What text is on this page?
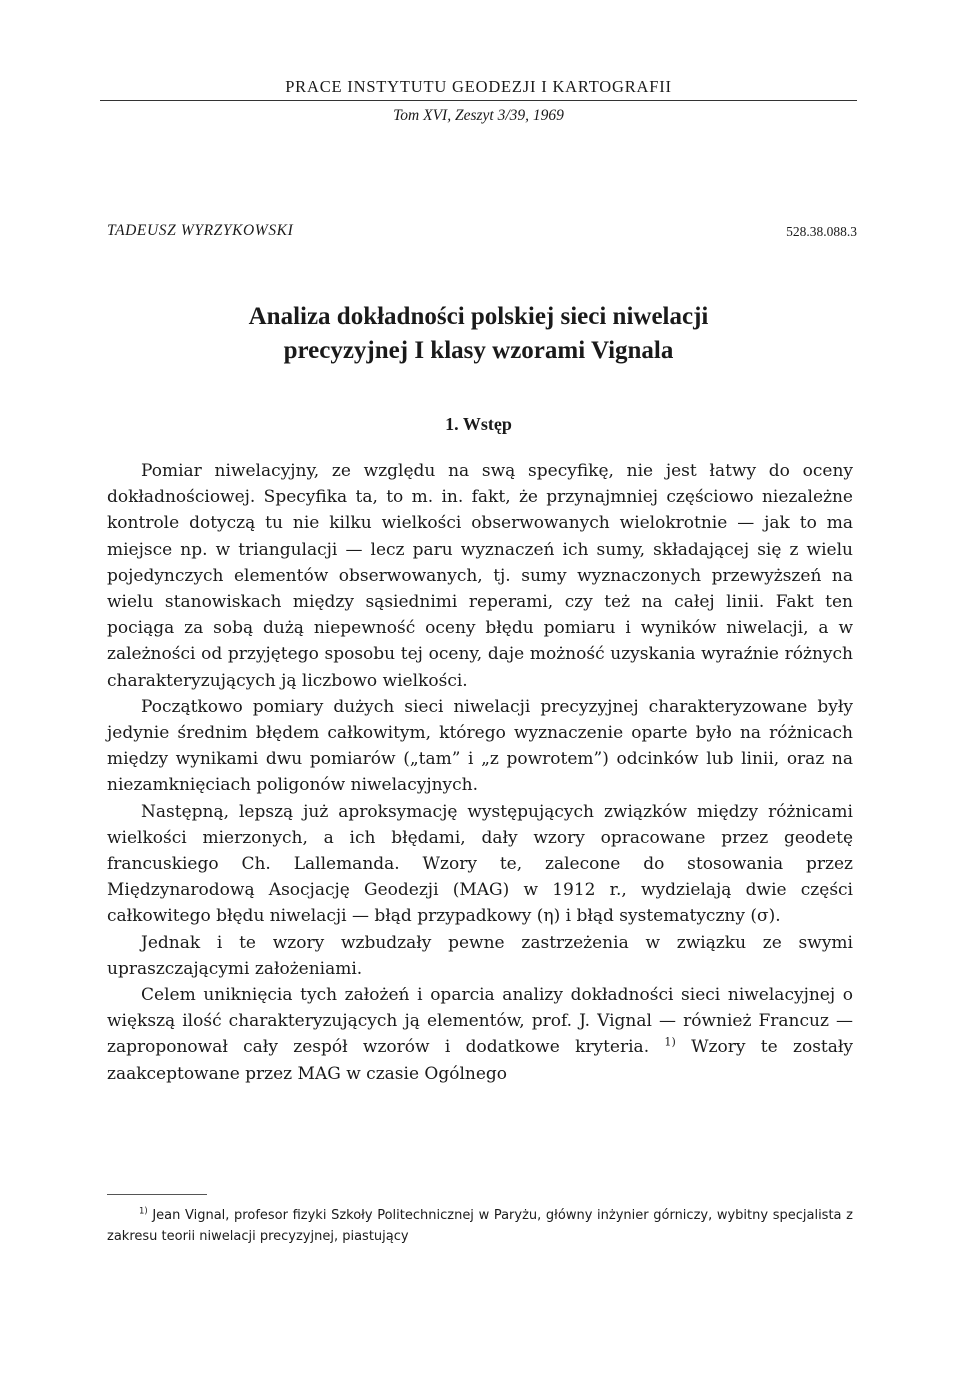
PRACE INSTYTUTU GEODEZJI I KARTOGRAFII
Tom XVI, Zeszyt 3/39, 1969
TADEUSZ WYRZYKOWSKI	528.38.088.3
Analiza dokładności polskiej sieci niwelacji
precyzyjnej I klasy wzorami Vignala
1. Wstęp

Pomiar niwelacyjny, ze względu na swą specyfikę, nie jest łatwy do oceny dokładnościowej. Specyfika ta, to m. in. fakt, że przynajmniej częściowo niezależne kontrole dotyczą tu nie kilku wielkości obserwowanych wielokrotnie — jak to ma miejsce np. w triangulacji — lecz paru wyznaczeń ich sumy, składającej się z wielu pojedynczych elementów obserwowanych, tj. sumy wyznaczonych przewyższeń na wielu stanowiskach między sąsiednimi reperami, czy też na całej linii. Fakt ten pociąga za sobą dużą niepewność oceny błędu pomiaru i wyników niwelacji, a w zależności od przyjętego sposobu tej oceny, daje możność uzyskania wyraźnie różnych charakteryzujących ją liczbowo wielkości.

Początkowo pomiary dużych sieci niwelacji precyzyjnej charakteryzowane były jedynie średnim błędem całkowitym, którego wyznaczenie oparte było na różnicach między wynikami dwu pomiarów („tam” i „z powrotem”) odcinków lub linii, oraz na niezamknięciach poligonów niwelacyjnych.

Następną, lepszą już aproksymację występujących związków między różnicami wielkości mierzonych, a ich błędami, dały wzory opracowane przez geodetę francuskiego Ch. Lallemanda. Wzory te, zalecone do stosowania przez Międzynarodową Asocjację Geodezji (MAG) w 1912 r., wydzielają dwie części całkowitego błędu niwelacji — błąd przypadkowy (η) i błąd systematyczny (σ).

Jednak i te wzory wzbudzały pewne zastrzeżenia w związku ze swymi upraszczającymi założeniami.

Celem uniknięcia tych założeń i oparcia analizy dokładności sieci niwelacyjnej o większą ilość charakteryzujących ją elementów, prof. J. Vignal — również Francuz — zaproponował cały zespół wzorów i dodatkowe kryteria. $^{1)}$ Wzory te zostały zaakceptowane przez MAG w czasie Ogólnego

$^{1)}$ Jean Vignal, profesor fizyki Szkoły Politechnicznej w Paryżu, główny inżynier górniczy, wybitny specjalista z zakresu teorii niwelacji precyzyjnej, piastujący
